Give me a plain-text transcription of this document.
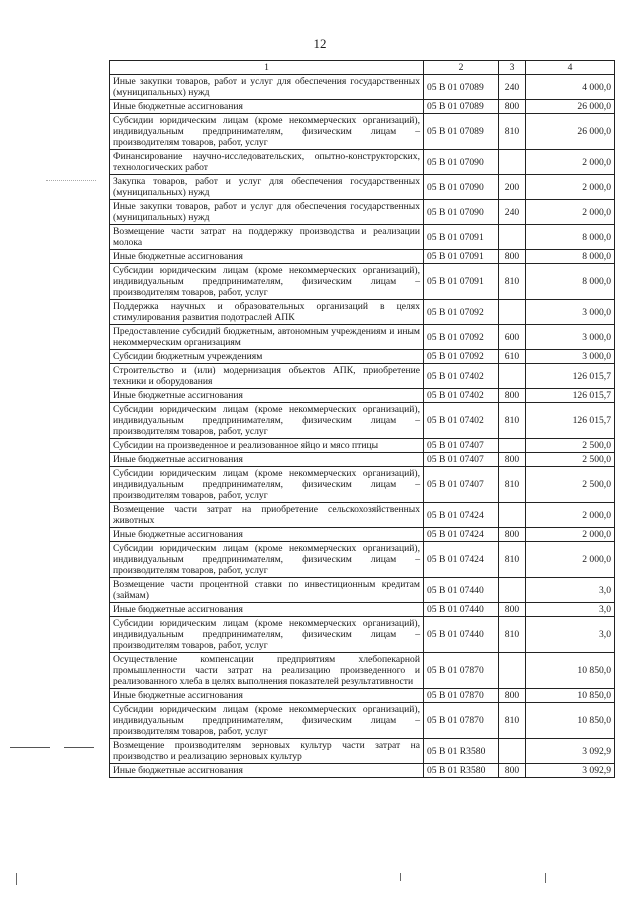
12
1	2	3	4
Иные закупки товаров, работ и услуг для обеспечения государственных (муниципальных) нужд	05 В 01 07089	240	4 000,0
Иные бюджетные ассигнования	05 В 01 07089	800	26 000,0
Субсидии юридическим лицам (кроме некоммерческих организаций), индивидуальным предпринимателям, физическим лицам – производителям товаров, работ, услуг	05 В 01 07089	810	26 000,0
Финансирование научно-исследовательских, опытно-конструкторских, технологических работ	05 В 01 07090		2 000,0
Закупка товаров, работ и услуг для обеспечения государственных (муниципальных) нужд	05 В 01 07090	200	2 000,0
Иные закупки товаров, работ и услуг для обеспечения государственных (муниципальных) нужд	05 В 01 07090	240	2 000,0
Возмещение части затрат на поддержку производства и реализации молока	05 В 01 07091		8 000,0
Иные бюджетные ассигнования	05 В 01 07091	800	8 000,0
Субсидии юридическим лицам (кроме некоммерческих организаций), индивидуальным предпринимателям, физическим лицам – производителям товаров, работ, услуг	05 В 01 07091	810	8 000,0
Поддержка научных и образовательных организаций в целях стимулирования развития подотраслей АПК	05 В 01 07092		3 000,0
Предоставление субсидий бюджетным, автономным учреждениям и иным некоммерческим организациям	05 В 01 07092	600	3 000,0
Субсидии бюджетным учреждениям	05 В 01 07092	610	3 000,0
Строительство и (или) модернизация объектов АПК, приобретение техники и оборудования	05 В 01 07402		126 015,7
Иные бюджетные ассигнования	05 В 01 07402	800	126 015,7
Субсидии юридическим лицам (кроме некоммерческих организаций), индивидуальным предпринимателям, физическим лицам – производителям товаров, работ, услуг	05 В 01 07402	810	126 015,7
Субсидии на произведенное и реализованное яйцо и мясо птицы	05 В 01 07407		2 500,0
Иные бюджетные ассигнования	05 В 01 07407	800	2 500,0
Субсидии юридическим лицам (кроме некоммерческих организаций), индивидуальным предпринимателям, физическим лицам – производителям товаров, работ, услуг	05 В 01 07407	810	2 500,0
Возмещение части затрат на приобретение сельскохозяйственных животных	05 В 01 07424		2 000,0
Иные бюджетные ассигнования	05 В 01 07424	800	2 000,0
Субсидии юридическим лицам (кроме некоммерческих организаций), индивидуальным предпринимателям, физическим лицам – производителям товаров, работ, услуг	05 В 01 07424	810	2 000,0
Возмещение части процентной ставки по инвестиционным кредитам (займам)	05 В 01 07440		3,0
Иные бюджетные ассигнования	05 В 01 07440	800	3,0
Субсидии юридическим лицам (кроме некоммерческих организаций), индивидуальным предпринимателям, физическим лицам – производителям товаров, работ, услуг	05 В 01 07440	810	3,0
Осуществление компенсации предприятиям хлебопекарной промышленности части затрат на реализацию произведенного и реализованного хлеба в целях выполнения показателей результативности	05 В 01 07870		10 850,0
Иные бюджетные ассигнования	05 В 01 07870	800	10 850,0
Субсидии юридическим лицам (кроме некоммерческих организаций), индивидуальным предпринимателям, физическим лицам – производителям товаров, работ, услуг	05 В 01 07870	810	10 850,0
Возмещение производителям зерновых культур части затрат на производство и реализацию зерновых культур	05 В 01 R3580		3 092,9
Иные бюджетные ассигнования	05 В 01 R3580	800	3 092,9
